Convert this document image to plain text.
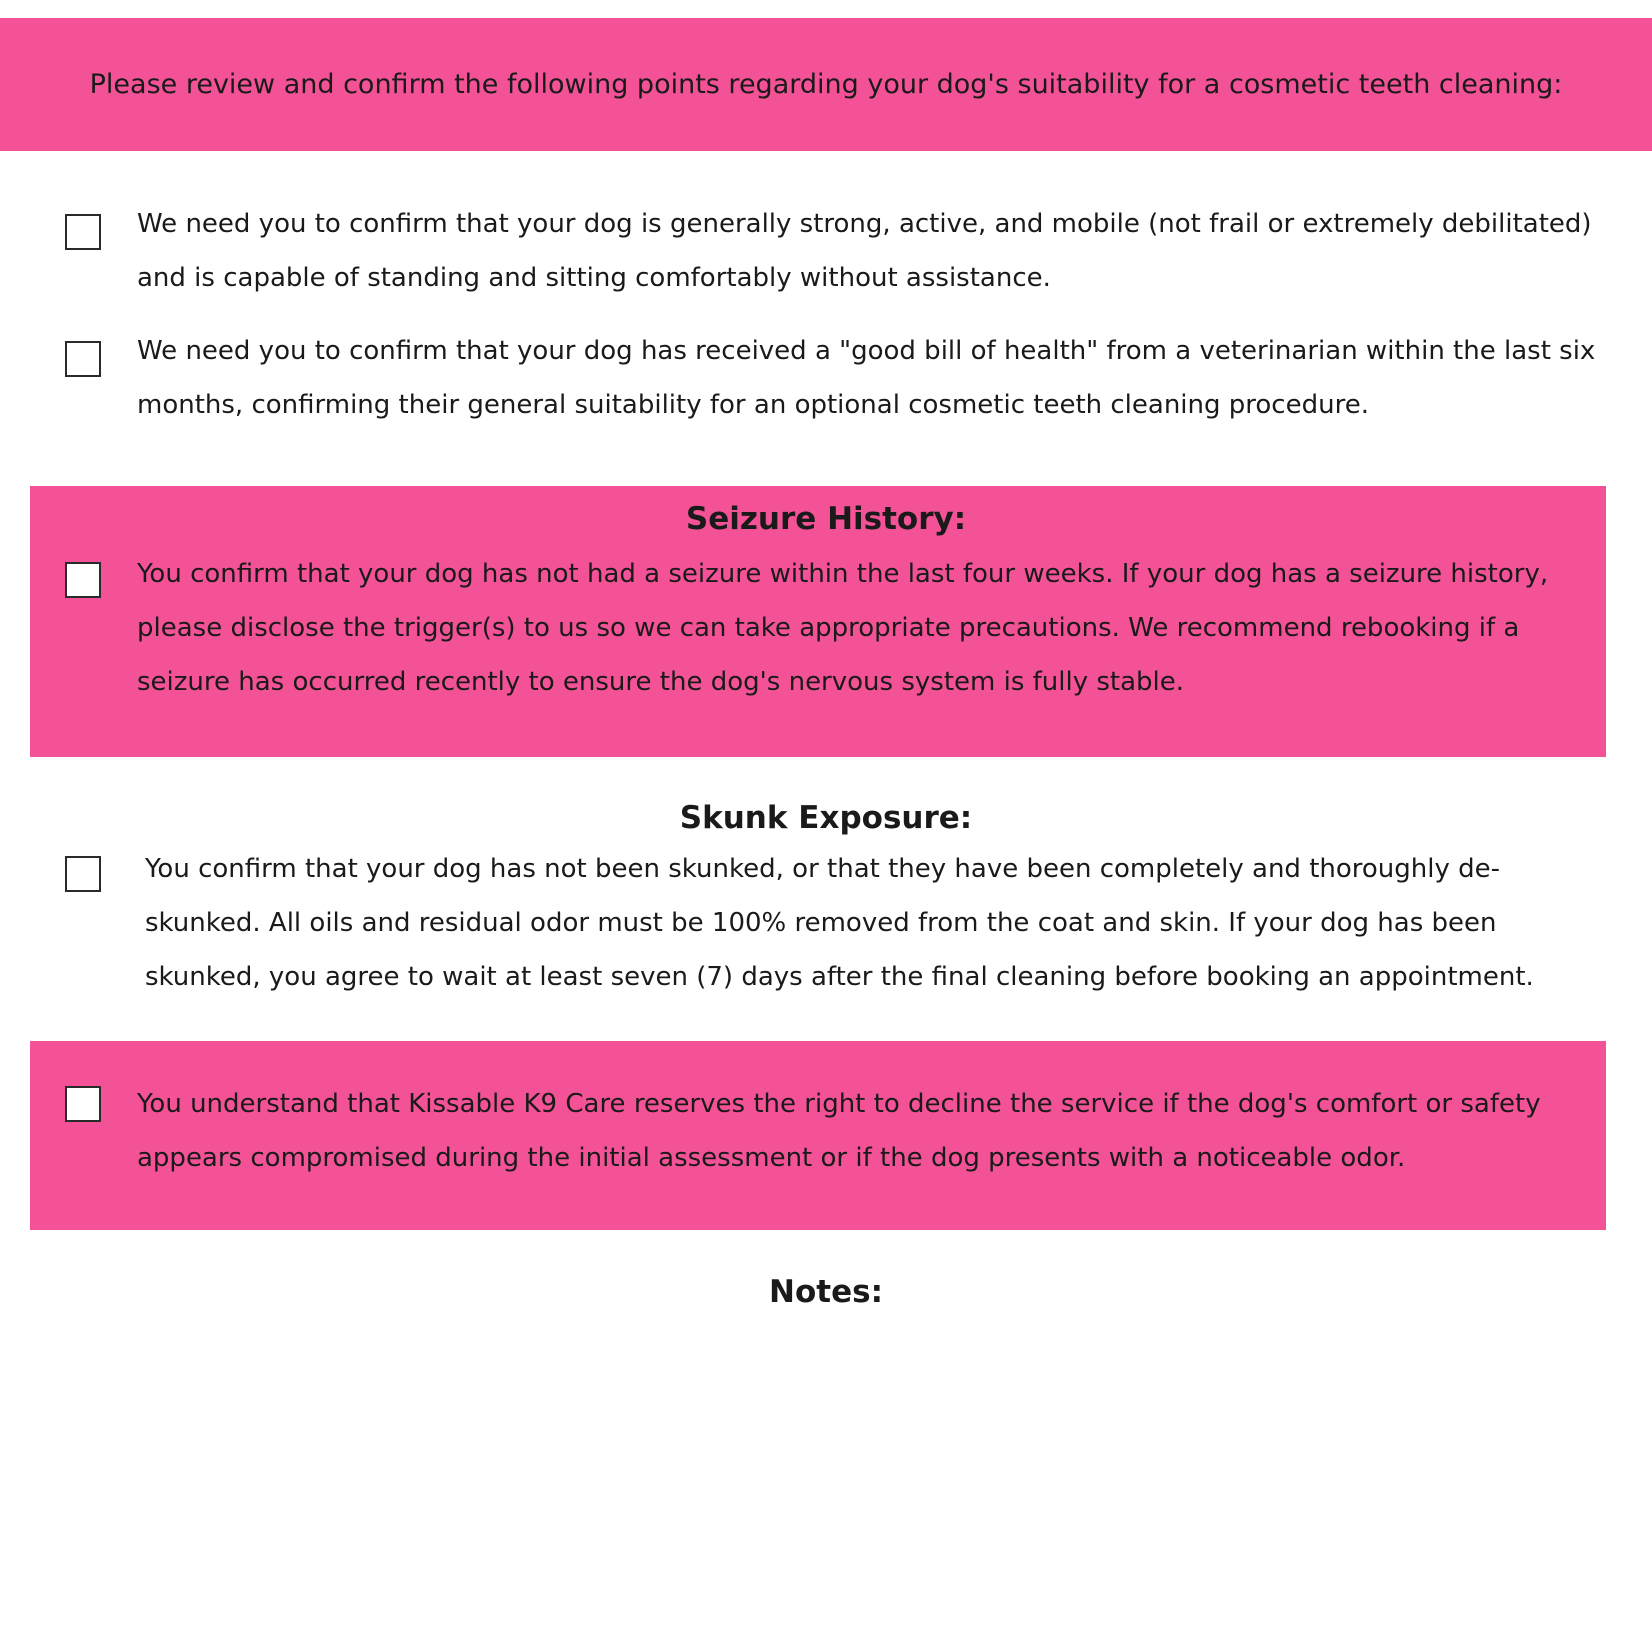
Please review and confirm the following points regarding your dog's suitability for a cosmetic teeth cleaning:
We need you to confirm that your dog is generally strong, active, and mobile (not frail or extremely debilitated)
and is capable of standing and sitting comfortably without assistance.
We need you to confirm that your dog has received a "good bill of health" from a veterinarian within the last six
months, confirming their general suitability for an optional cosmetic teeth cleaning procedure.
Seizure History:
You confirm that your dog has not had a seizure within the last four weeks. If your dog has a seizure history,
please disclose the trigger(s) to us so we can take appropriate precautions. We recommend rebooking if a
seizure has occurred recently to ensure the dog's nervous system is fully stable.
Skunk Exposure:
You confirm that your dog has not been skunked, or that they have been completely and thoroughly de-
skunked. All oils and residual odor must be 100% removed from the coat and skin. If your dog has been
skunked, you agree to wait at least seven (7) days after the final cleaning before booking an appointment.
You understand that Kissable K9 Care reserves the right to decline the service if the dog's comfort or safety
appears compromised during the initial assessment or if the dog presents with a noticeable odor.
Notes:
